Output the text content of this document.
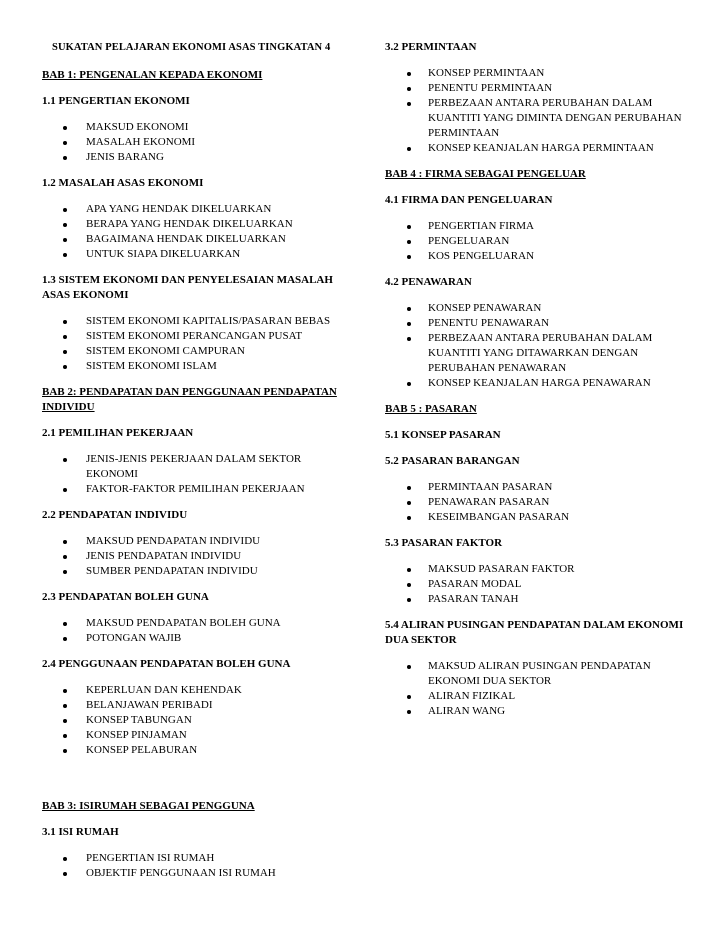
SUKATAN PELAJARAN EKONOMI ASAS TINGKATAN 4
BAB 1: PENGENALAN KEPADA EKONOMI
1.1 PENGERTIAN EKONOMI
MAKSUD EKONOMI
MASALAH EKONOMI
JENIS BARANG
1.2 MASALAH ASAS EKONOMI
APA YANG HENDAK DIKELUARKAN
BERAPA YANG HENDAK DIKELUARKAN
BAGAIMANA HENDAK DIKELUARKAN
UNTUK SIAPA DIKELUARKAN
1.3 SISTEM EKONOMI DAN PENYELESAIAN MASALAH ASAS EKONOMI
SISTEM EKONOMI KAPITALIS/PASARAN BEBAS
SISTEM EKONOMI PERANCANGAN PUSAT
SISTEM EKONOMI CAMPURAN
SISTEM EKONOMI ISLAM
BAB 2: PENDAPATAN DAN PENGGUNAAN PENDAPATAN INDIVIDU
2.1 PEMILIHAN PEKERJAAN
JENIS-JENIS PEKERJAAN DALAM SEKTOR EKONOMI
FAKTOR-FAKTOR PEMILIHAN PEKERJAAN
2.2 PENDAPATAN INDIVIDU
MAKSUD PENDAPATAN INDIVIDU
JENIS PENDAPATAN INDIVIDU
SUMBER PENDAPATAN INDIVIDU
2.3 PENDAPATAN BOLEH GUNA
MAKSUD PENDAPATAN BOLEH GUNA
POTONGAN WAJIB
2.4 PENGGUNAAN PENDAPATAN BOLEH GUNA
KEPERLUAN DAN KEHENDAK
BELANJAWAN PERIBADI
KONSEP TABUNGAN
KONSEP PINJAMAN
KONSEP PELABURAN
BAB 3: ISIRUMAH SEBAGAI PENGGUNA
3.1 ISI RUMAH
PENGERTIAN ISI RUMAH
OBJEKTIF PENGGUNAAN ISI RUMAH
3.2 PERMINTAAN
KONSEP PERMINTAAN
PENENTU PERMINTAAN
PERBEZAAN ANTARA PERUBAHAN DALAM KUANTITI YANG DIMINTA DENGAN PERUBAHAN PERMINTAAN
KONSEP KEANJALAN HARGA PERMINTAAN
BAB 4 : FIRMA SEBAGAI PENGELUAR
4.1 FIRMA DAN PENGELUARAN
PENGERTIAN FIRMA
PENGELUARAN
KOS PENGELUARAN
4.2 PENAWARAN
KONSEP PENAWARAN
PENENTU PENAWARAN
PERBEZAAN ANTARA PERUBAHAN DALAM KUANTITI YANG DITAWARKAN DENGAN PERUBAHAN PENAWARAN
KONSEP KEANJALAN HARGA PENAWARAN
BAB 5 : PASARAN
5.1 KONSEP PASARAN
5.2 PASARAN BARANGAN
PERMINTAAN PASARAN
PENAWARAN PASARAN
KESEIMBANGAN PASARAN
5.3 PASARAN FAKTOR
MAKSUD PASARAN FAKTOR
PASARAN MODAL
PASARAN TANAH
5.4 ALIRAN PUSINGAN PENDAPATAN DALAM EKONOMI DUA SEKTOR
MAKSUD ALIRAN PUSINGAN PENDAPATAN EKONOMI DUA SEKTOR
ALIRAN FIZIKAL
ALIRAN WANG
